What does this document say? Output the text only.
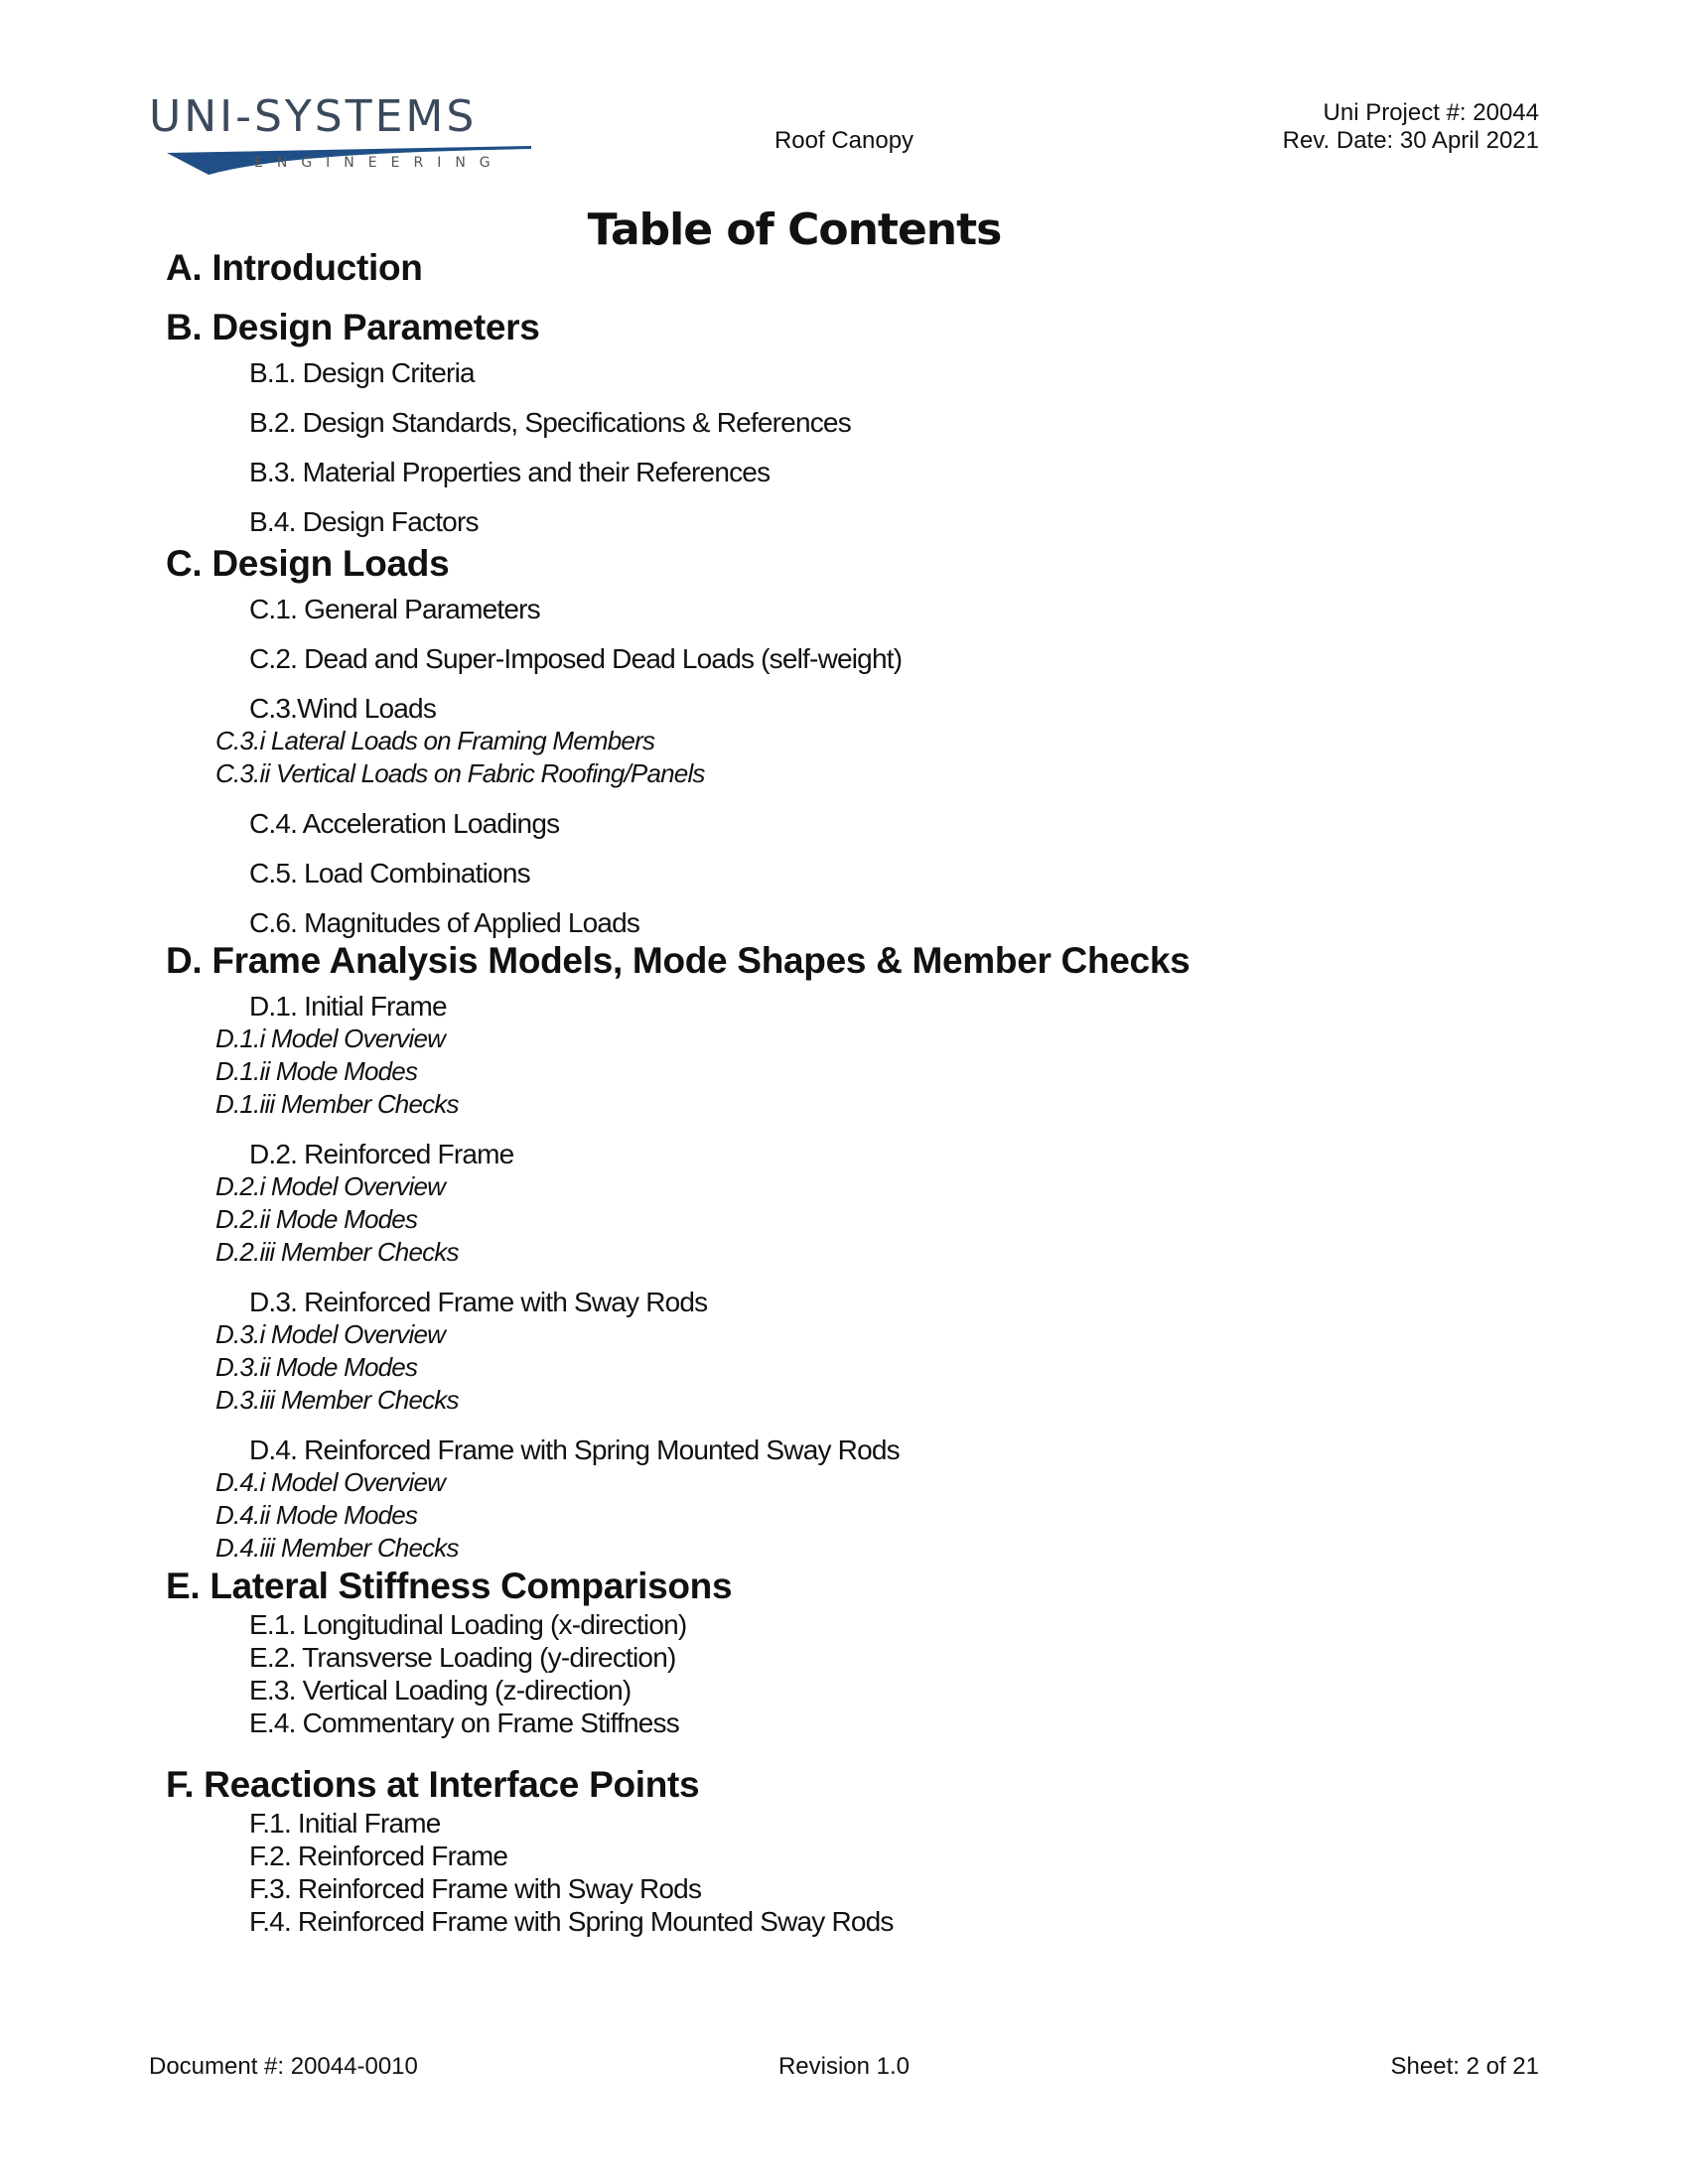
UNI-SYSTEMS
ENGINEERING
Roof Canopy
Uni Project #: 20044
Rev. Date: 30 April 2021
Table of Contents
A. Introduction
B. Design Parameters
B.1. Design Criteria
B.2. Design Standards, Specifications & References
B.3. Material Properties and their References
B.4. Design Factors
C. Design Loads
C.1. General Parameters
C.2. Dead and Super-Imposed Dead Loads (self-weight)
C.3.Wind Loads
C.3.i Lateral Loads on Framing Members
C.3.ii Vertical Loads on Fabric Roofing/Panels
C.4. Acceleration Loadings
C.5. Load Combinations
C.6. Magnitudes of Applied Loads
D. Frame Analysis Models, Mode Shapes & Member Checks
D.1. Initial Frame
D.1.i Model Overview
D.1.ii Mode Modes
D.1.iii Member Checks
D.2. Reinforced Frame
D.2.i Model Overview
D.2.ii Mode Modes
D.2.iii Member Checks
D.3. Reinforced Frame with Sway Rods
D.3.i Model Overview
D.3.ii Mode Modes
D.3.iii Member Checks
D.4. Reinforced Frame with Spring Mounted Sway Rods
D.4.i Model Overview
D.4.ii Mode Modes
D.4.iii Member Checks
E. Lateral Stiffness Comparisons
E.1. Longitudinal Loading (x-direction)
E.2. Transverse Loading (y-direction)
E.3. Vertical Loading (z-direction)
E.4. Commentary on Frame Stiffness
F. Reactions at Interface Points
F.1. Initial Frame
F.2. Reinforced Frame
F.3. Reinforced Frame with Sway Rods
F.4. Reinforced Frame with Spring Mounted Sway Rods
Document #: 20044-0010	Revision 1.0	Sheet: 2 of 21
